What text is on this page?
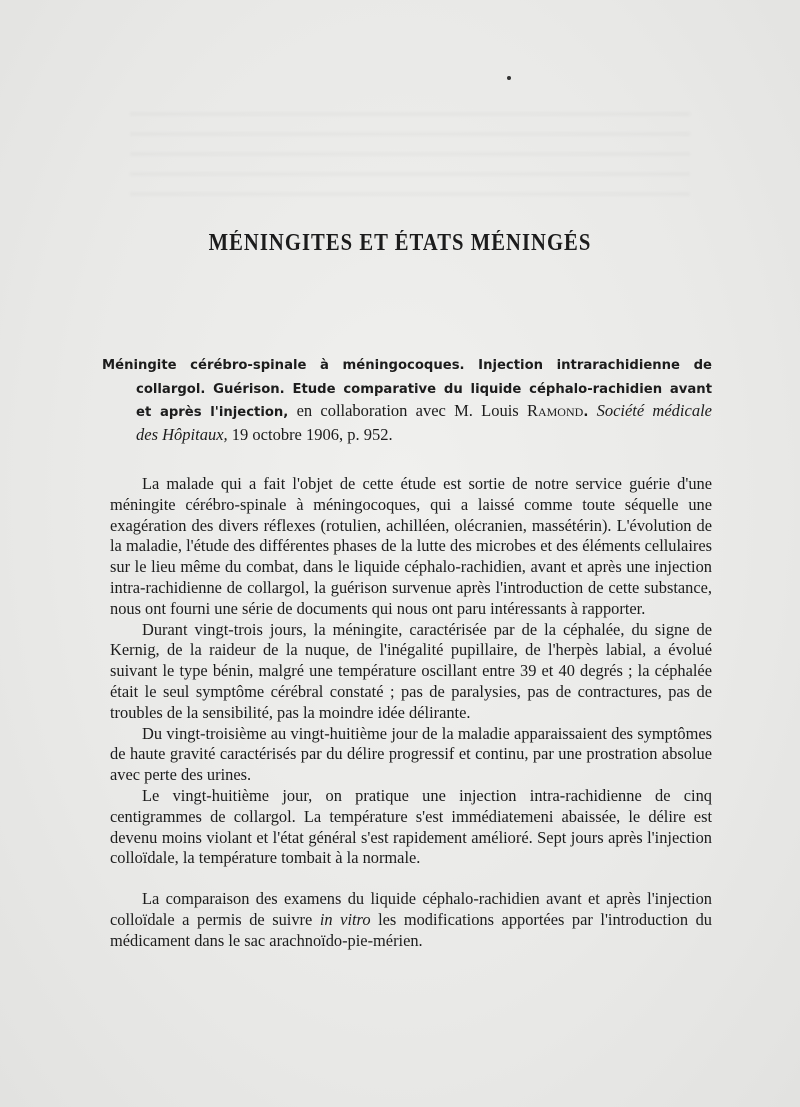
MÉNINGITES ET ÉTATS MÉNINGÉS
Méningite cérébro-spinale à méningocoques. Injection intrarachidienne de
collargol. Guérison. Etude comparative du liquide céphalo-rachidien avant
et après l'injection, en collaboration avec M. Louis Ramond. Société médicale
des Hôpitaux, 19 octobre 1906, p. 952.

La malade qui a fait l'objet de cette étude est sortie de notre service guérie d'une méningite cérébro-spinale à méningocoques, qui a laissé comme toute séquelle une exagération des divers réflexes (rotulien, achilléen, olécranien, massétérin). L'évolution de la maladie, l'étude des différentes phases de la lutte des microbes et des éléments cellulaires sur le lieu même du combat, dans le liquide céphalo-rachidien, avant et après une injection intra-rachidienne de collargol, la guérison survenue après l'introduction de cette substance, nous ont fourni une série de documents qui nous ont paru intéressants à rapporter.

Durant vingt-trois jours, la méningite, caractérisée par de la céphalée, du signe de Kernig, de la raideur de la nuque, de l'inégalité pupillaire, de l'herpès labial, a évolué suivant le type bénin, malgré une température oscillant entre 39 et 40 degrés ; la céphalée était le seul symptôme cérébral constaté ; pas de paralysies, pas de contractures, pas de troubles de la sensibilité, pas la moindre idée délirante.

Du vingt-troisième au vingt-huitième jour de la maladie apparaissaient des symptômes de haute gravité caractérisés par du délire progressif et continu, par une prostration absolue avec perte des urines.

Le vingt-huitième jour, on pratique une injection intra-rachidienne de cinq centigrammes de collargol. La température s'est immédiatemeni abaissée, le délire est devenu moins violant et l'état général s'est rapidement amélioré. Sept jours après l'injection colloïdale, la température tombait à la normale.

La comparaison des examens du liquide céphalo-rachidien avant et après l'injection colloïdale a permis de suivre in vitro les modifications apportées par l'introduction du médicament dans le sac arachnoïdo-pie-mérien.
